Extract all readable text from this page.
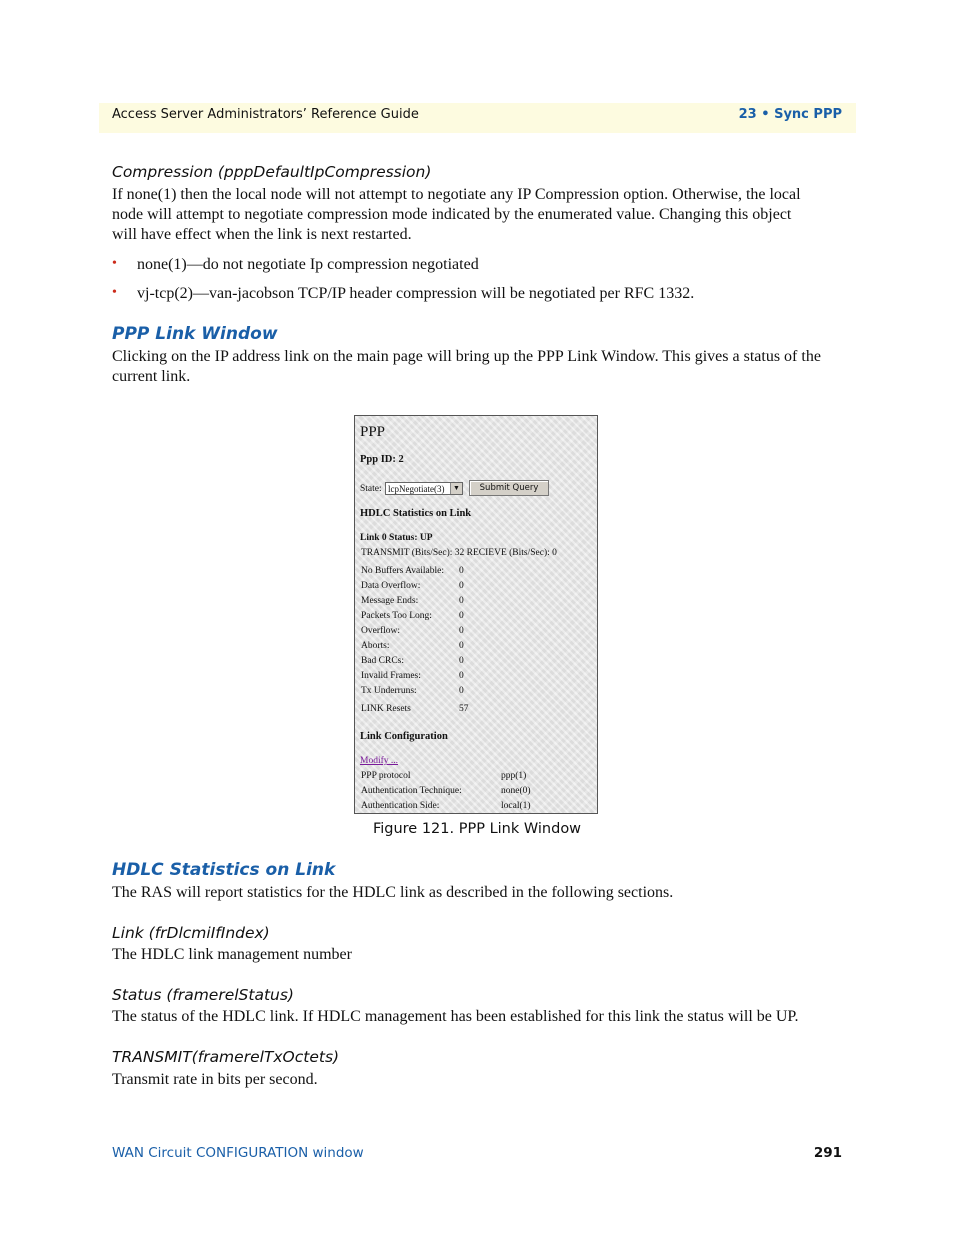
Access Server Administrators’ Reference Guide	23 • Sync PPP
Compression (pppDefaultIpCompression)
If none(1) then the local node will not attempt to negotiate any IP Compression option. Otherwise, the local
node will attempt to negotiate compression mode indicated by the enumerated value. Changing this object
will have effect when the link is next restarted.
• none(1)—do not negotiate Ip compression negotiated
• vj-tcp(2)—van-jacobson TCP/IP header compression will be negotiated per RFC 1332.
PPP Link Window
Clicking on the IP address link on the main page will bring up the PPP Link Window. This gives a status of the
current link.
PPP
Ppp ID: 2
State: lcpNegotiate(3)	▼	Submit Query
HDLC Statistics on Link
Link 0 Status: UP
TRANSMIT (Bits/Sec): 32 RECIEVE (Bits/Sec): 0
No Buffers Available: 0
Data Overflow:	0
Message Ends:	0
Packets Too Long:	0
Overflow:	0
Aborts:	0
Bad CRCs:	0
Invalid Frames:	0
Tx Underruns:	0
LINK Resets	57
Link Configuration
Modify ...
PPP protocol	ppp(1)
Authentication Technique:	none(0)
Authentication Side:	local(1)
Figure 121. PPP Link Window
HDLC Statistics on Link
The RAS will report statistics for the HDLC link as described in the following sections.
Link (frDlcmiIfIndex)
The HDLC link management number
Status (framerelStatus)
The status of the HDLC link. If HDLC management has been established for this link the status will be UP.
TRANSMIT(framerelTxOctets)
Transmit rate in bits per second.
WAN Circuit CONFIGURATION window	291
